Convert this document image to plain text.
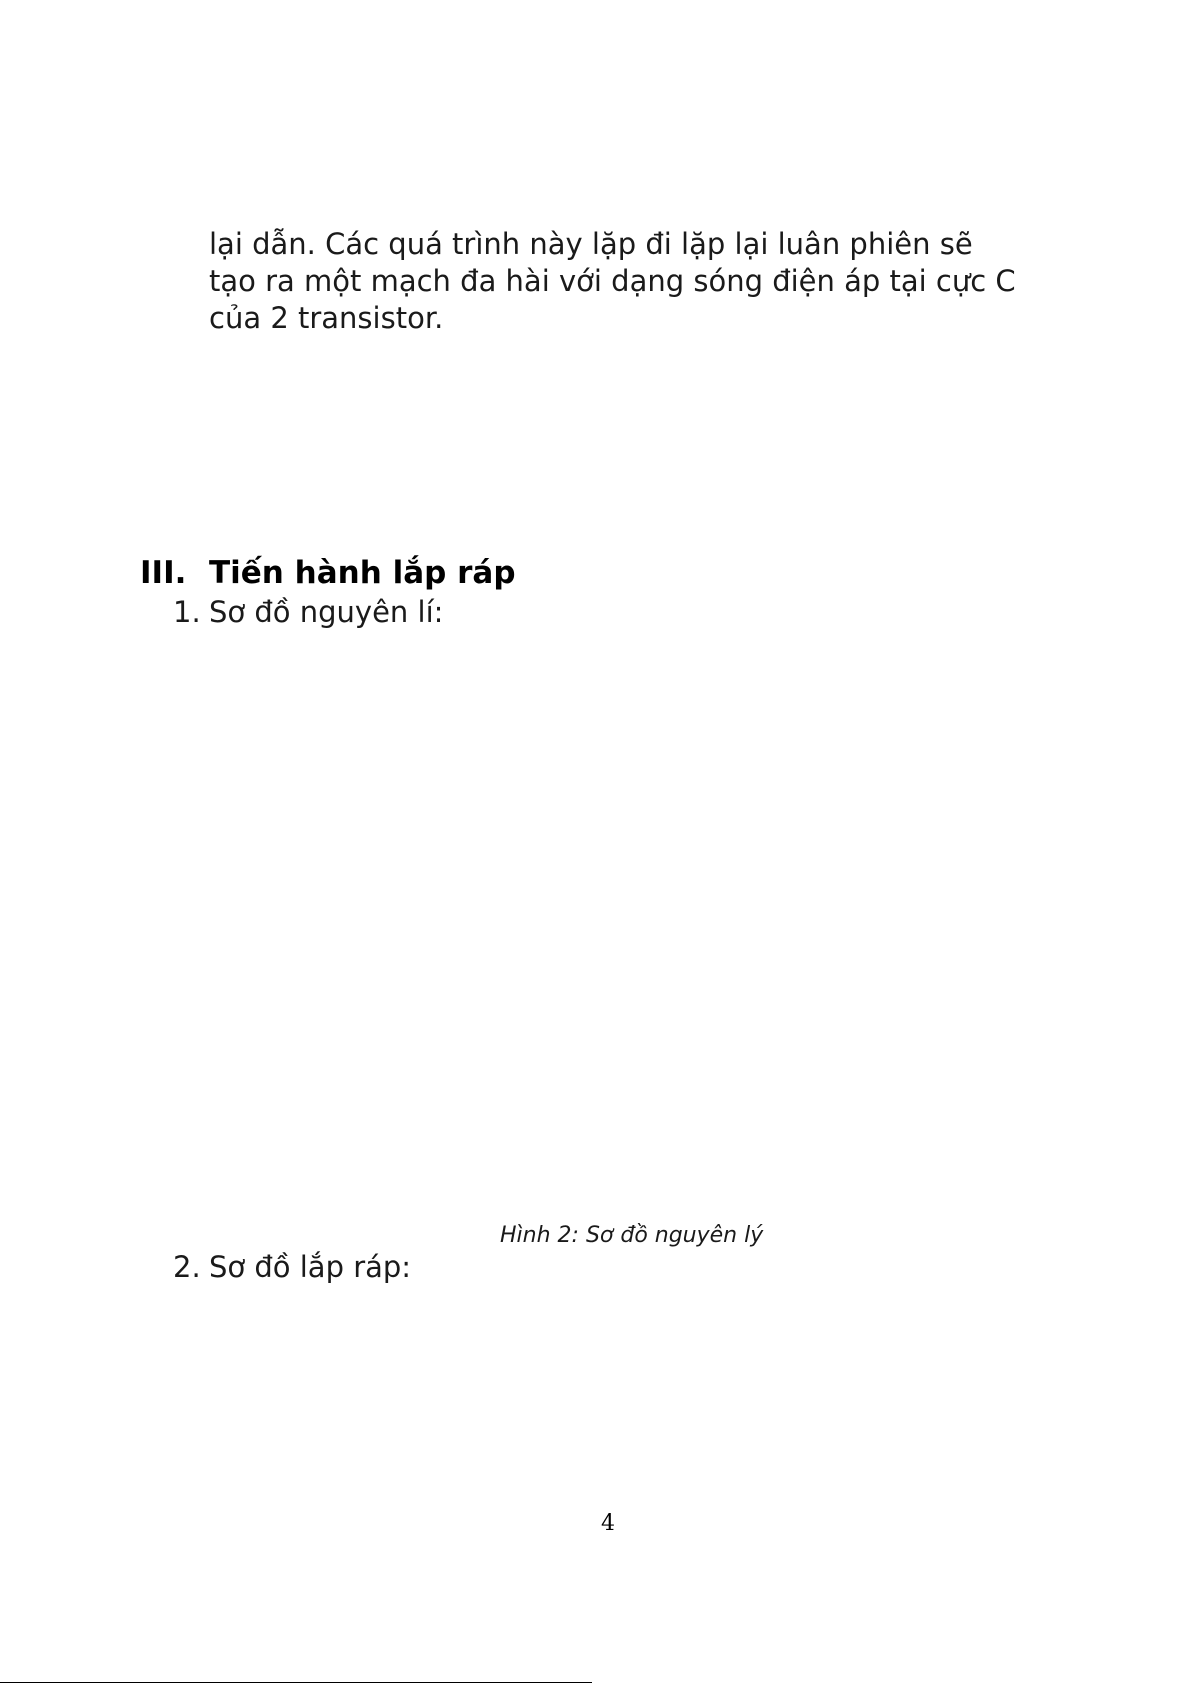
lại dẫn. Các quá trình này lặp đi lặp lại luân phiên sẽ
tạo ra một mạch đa hài với dạng sóng điện áp tại cực C
của 2 transistor.
III. Tiến hành lắp ráp
1. Sơ đồ nguyên lí:
Hình 2: Sơ đồ nguyên lý
2. Sơ đồ lắp ráp:
4
